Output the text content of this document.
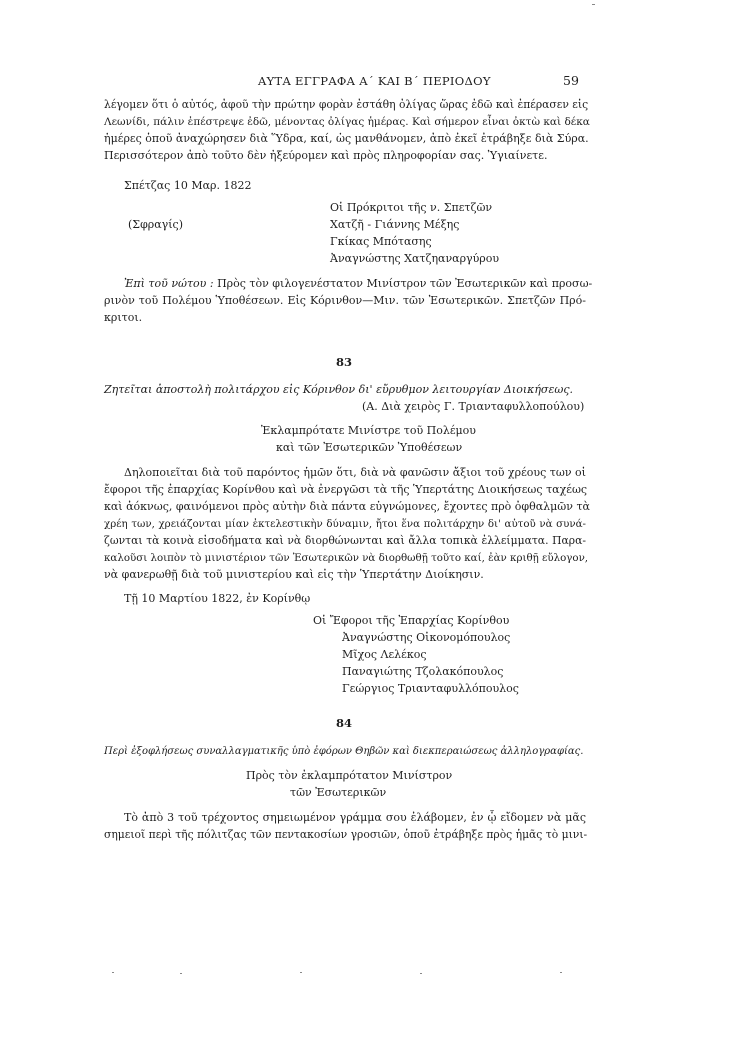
ΑΥΤΑ ΕΓΓΡΑΦΑ Α΄ ΚΑΙ Β΄ ΠΕΡΙΟΔΟΥ	59
λέγομεν ὅτι ὁ αὐτός, ἀφοῦ τὴν πρώτην φορὰν ἐστάθη ὀλίγας ὥρας ἐδῶ καὶ ἐπέρασεν εἰς
Λεωνίδι, πάλιν ἐπέστρεψε ἐδῶ, μένοντας ὀλίγας ἡμέρας. Καὶ σήμερον εἶναι ὀκτὼ καὶ δέκα
ἡμέρες ὁποῦ ἀναχώρησεν διὰ Ὕδρα, καί, ὡς μανθάνομεν, ἀπὸ ἐκεῖ ἐτράβηξε διὰ Σύρα.
Περισσότερον ἀπὸ τοῦτο δὲν ἠξεύρομεν καὶ πρὸς πληροφορίαν σας. Ὑγιαίνετε.
Σπέτζας 10 Μαρ. 1822
Οἱ Πρόκριτοι τῆς ν. Σπετζῶν
(Σφραγίς)	Χατζῆ - Γιάννης Μέξης
Γκίκας Μπότασης
Ἀναγνώστης Χατζηαναργύρου
Ἐπὶ τοῦ νώτου : Πρὸς τὸν φιλογενέστατον Μινίστρον τῶν Ἐσωτερικῶν καὶ προσω-
ρινὸν τοῦ Πολέμου Ὑποθέσεων. Εἰς Κόρινθον—Μιν. τῶν Ἐσωτερικῶν. Σπετζῶν Πρό-
κριτοι.
83
Ζητεῖται ἀποστολὴ πολιτάρχου εἰς Κόρινθον δι' εὔρυθμον λειτουργίαν Διοικήσεως.
(Α. Διὰ χειρὸς Γ. Τριανταφυλλοπούλου)
Ἐκλαμπρότατε Μινίστρε τοῦ Πολέμου
καὶ τῶν Ἐσωτερικῶν Ὑποθέσεων
Δηλοποιεῖται διὰ τοῦ παρόντος ἡμῶν ὅτι, διὰ νὰ φανῶσιν ἄξιοι τοῦ χρέους των οἱ
ἔφοροι τῆς ἐπαρχίας Κορίνθου καὶ νὰ ἐνεργῶσι τὰ τῆς Ὑπερτάτης Διοικήσεως ταχέως
καὶ ἀόκνως, φαινόμενοι πρὸς αὐτὴν διὰ πάντα εὐγνώμονες, ἔχοντες πρὸ ὀφθαλμῶν τὰ
χρέη των, χρειάζονται μίαν ἐκτελεστικὴν δύναμιν, ἤτοι ἕνα πολιτάρχην δι' αὐτοῦ νὰ συνά-
ζωνται τὰ κοινὰ εἰσοδήματα καὶ νὰ διορθώνωνται καὶ ἄλλα τοπικὰ ἐλλείμματα. Παρα-
καλοῦσι λοιπὸν τὸ μινιστέριον τῶν Ἐσωτερικῶν νὰ διορθωθῇ τοῦτο καί, ἐὰν κριθῇ εὔλογον,
νὰ φανερωθῇ διὰ τοῦ μινιστερίου καὶ εἰς τὴν Ὑπερτάτην Διοίκησιν.
Τῇ 10 Μαρτίου 1822, ἐν Κορίνθῳ
Οἱ Ἔφοροι τῆς Ἐπαρχίας Κορίνθου
Ἀναγνώστης Οἰκονομόπουλος
Μῖχος Λελέκος
Παναγιώτης Τζολακόπουλος
Γεώργιος Τριανταφυλλόπουλος
84
Περὶ ἐξοφλήσεως συναλλαγματικῆς ὑπὸ ἐφόρων Θηβῶν καὶ διεκπεραιώσεως ἀλληλογραφίας.
Πρὸς τὸν ἐκλαμπρότατον Μινίστρον
τῶν Ἐσωτερικῶν
Τὸ ἀπὸ 3 τοῦ τρέχοντος σημειωμένον γράμμα σου ἐλάβομεν, ἐν ᾧ εἴδομεν νὰ μᾶς
σημειοῖ περὶ τῆς πόλιτζας τῶν πεντακοσίων γροσιῶν, ὁποῦ ἐτράβηξε πρὸς ἡμᾶς τὸ μινι-
